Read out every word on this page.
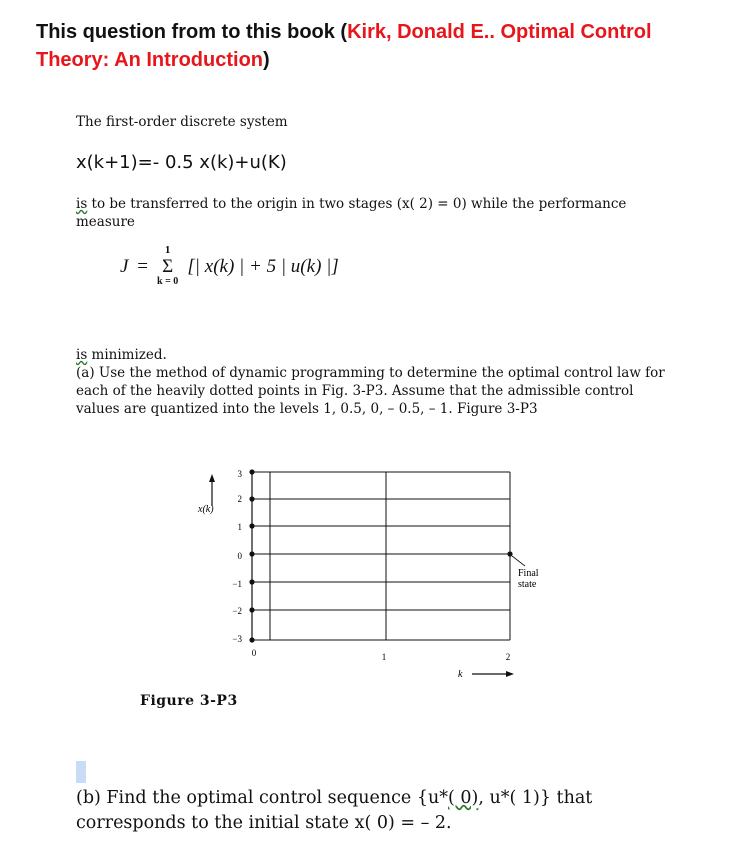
This question from to this book (Kirk, Donald E.. Optimal Control Theory: An Introduction)
The first-order discrete system
x(k+1)=- 0.5 x(k)+u(K)
is to be transferred to the origin in two stages (x( 2) = 0) while the performance measure
J =
1
Σ
k = 0
[| x(k) | + 5 | u(k) |]
is minimized.
(a) Use the method of dynamic programming to determine the optimal control law for each of the heavily dotted points in Fig. 3-P3. Assume that the admissible control values are quantized into the levels 1, 0.5, 0, – 0.5, – 1. Figure 3-P3
x(k)
3
2
1
0
−1
−2
−3
Final
state
0	1	2
k
Figure 3-P3
(b) Find the optimal control sequence {u*( 0), u*( 1)} that corresponds to the initial state x( 0) = – 2.
